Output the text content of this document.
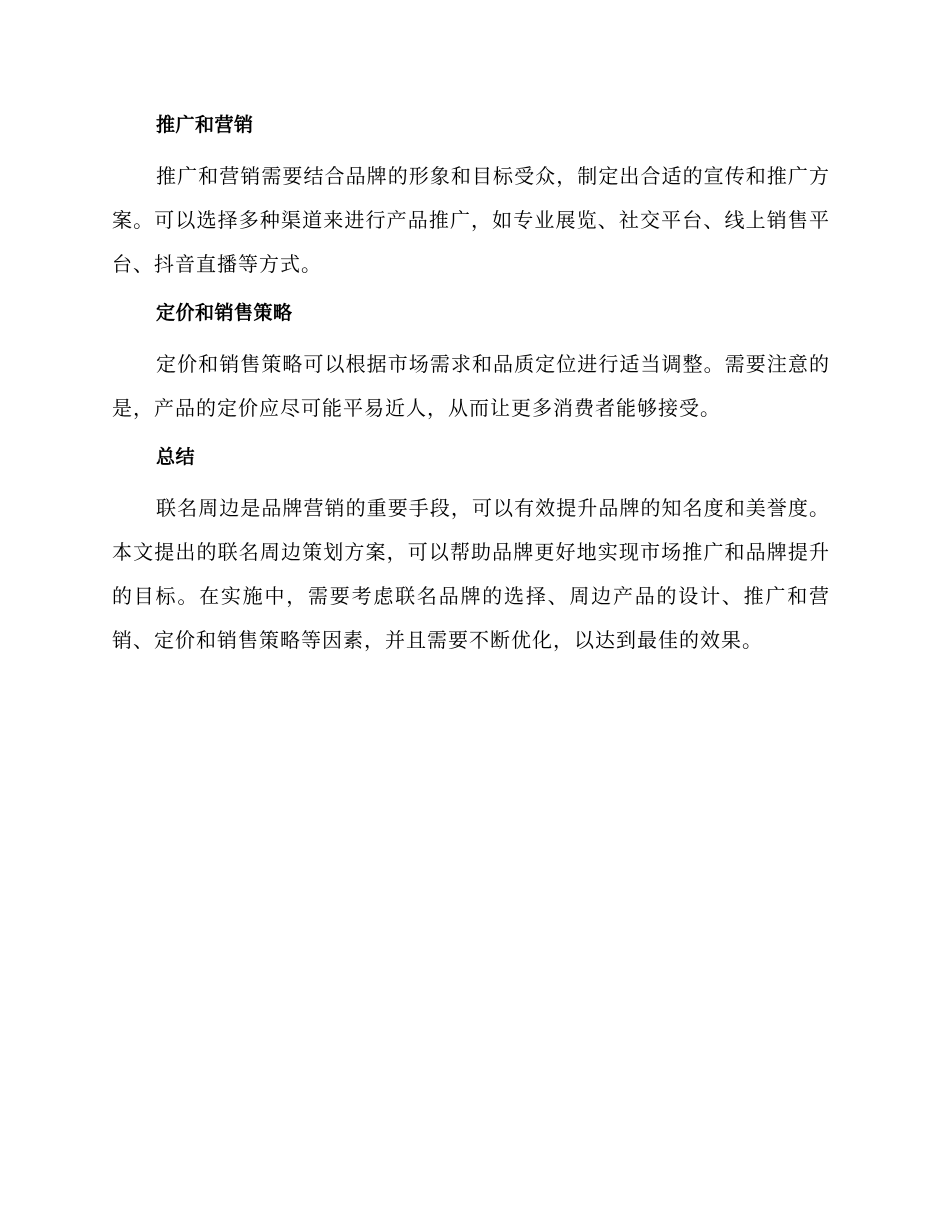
推广和营销

推广和营销需要结合品牌的形象和目标受众，制定出合适的宣传和推广方案。可以选择多种渠道来进行产品推广，如专业展览、社交平台、线上销售平台、抖音直播等方式。

定价和销售策略

定价和销售策略可以根据市场需求和品质定位进行适当调整。需要注意的是，产品的定价应尽可能平易近人，从而让更多消费者能够接受。

总结

联名周边是品牌营销的重要手段，可以有效提升品牌的知名度和美誉度。本文提出的联名周边策划方案，可以帮助品牌更好地实现市场推广和品牌提升的目标。在实施中，需要考虑联名品牌的选择、周边产品的设计、推广和营销、定价和销售策略等因素，并且需要不断优化，以达到最佳的效果。
